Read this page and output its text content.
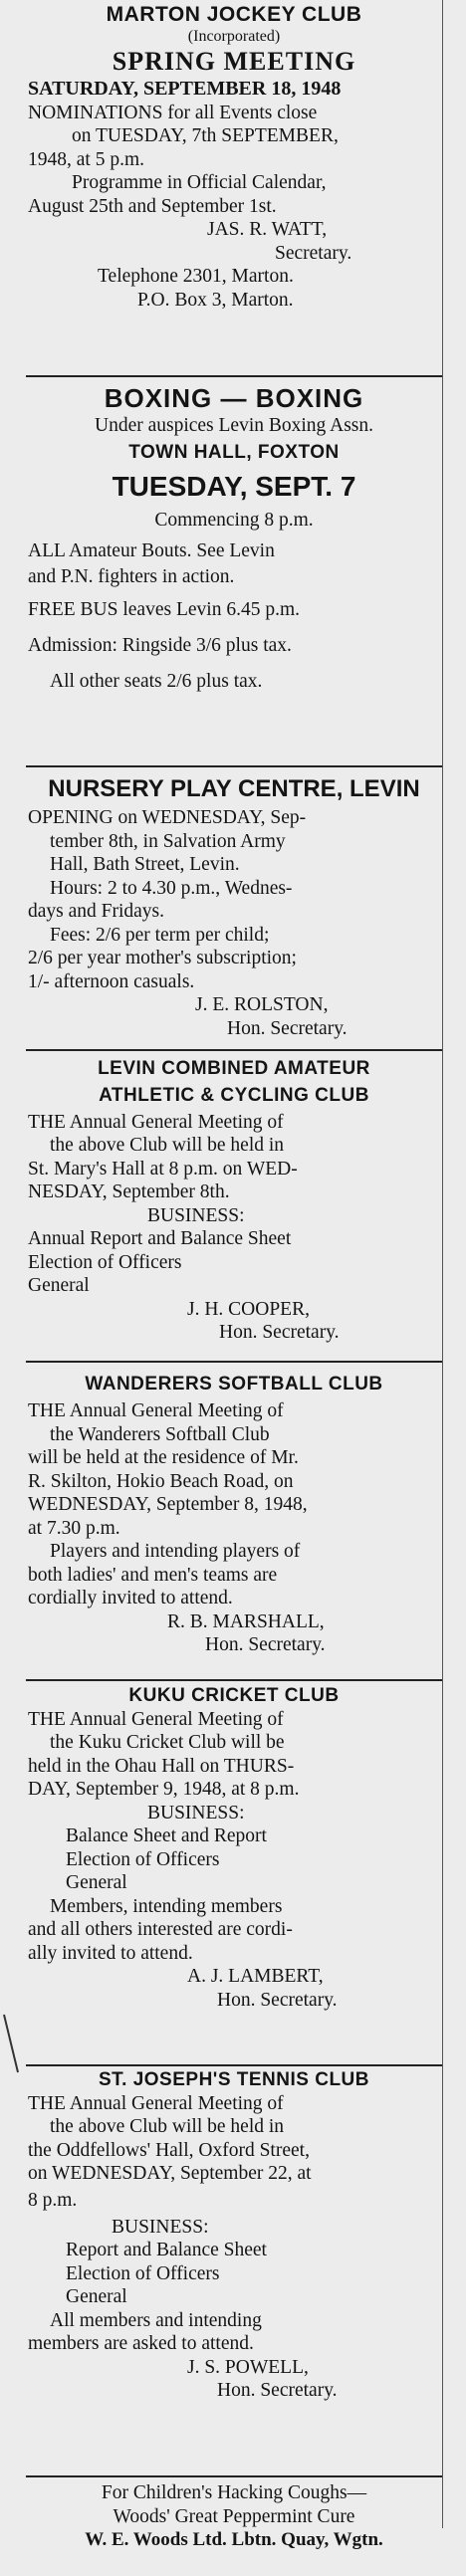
MARTON JOCKEY CLUB
(Incorporated)
SPRING MEETING
SATURDAY, SEPTEMBER 18, 1948
NOMINATIONS for all Events close
on TUESDAY, 7th SEPTEMBER,
1948, at 5 p.m.
Programme in Official Calendar,
August 25th and September 1st.
JAS. R. WATT,
Secretary.
Telephone 2301, Marton.
P.O. Box 3, Marton.
BOXING — BOXING
Under auspices Levin Boxing Assn.
TOWN HALL, FOXTON
TUESDAY, SEPT. 7
Commencing 8 p.m.
ALL Amateur Bouts. See Levin
and P.N. fighters in action.
FREE BUS leaves Levin 6.45 p.m.
Admission: Ringside 3/6 plus tax.
All other seats 2/6 plus tax.
NURSERY PLAY CENTRE, LEVIN
OPENING on WEDNESDAY, Sep-
tember 8th, in Salvation Army
Hall, Bath Street, Levin.
Hours: 2 to 4.30 p.m., Wednes-
days and Fridays.
Fees: 2/6 per term per child;
2/6 per year mother's subscription;
1/- afternoon casuals.
J. E. ROLSTON,
Hon. Secretary.
LEVIN COMBINED AMATEUR
ATHLETIC & CYCLING CLUB
THE Annual General Meeting of
the above Club will be held in
St. Mary's Hall at 8 p.m. on WED-
NESDAY, September 8th.
BUSINESS:
Annual Report and Balance Sheet
Election of Officers
General
J. H. COOPER,
Hon. Secretary.
WANDERERS SOFTBALL CLUB
THE Annual General Meeting of
the Wanderers Softball Club
will be held at the residence of Mr.
R. Skilton, Hokio Beach Road, on
WEDNESDAY, September 8, 1948,
at 7.30 p.m.
Players and intending players of
both ladies' and men's teams are
cordially invited to attend.
R. B. MARSHALL,
Hon. Secretary.
KUKU CRICKET CLUB
THE Annual General Meeting of
the Kuku Cricket Club will be
held in the Ohau Hall on THURS-
DAY, September 9, 1948, at 8 p.m.
BUSINESS:
Balance Sheet and Report
Election of Officers
General
Members, intending members
and all others interested are cordi-
ally invited to attend.
A. J. LAMBERT,
Hon. Secretary.
ST. JOSEPH'S TENNIS CLUB
THE Annual General Meeting of
the above Club will be held in
the Oddfellows' Hall, Oxford Street,
on WEDNESDAY, September 22, at
8 p.m.
BUSINESS:
Report and Balance Sheet
Election of Officers
General
All members and intending
members are asked to attend.
J. S. POWELL,
Hon. Secretary.
For Children's Hacking Coughs—
Woods' Great Peppermint Cure
W. E. Woods Ltd. Lbtn. Quay, Wgtn.
